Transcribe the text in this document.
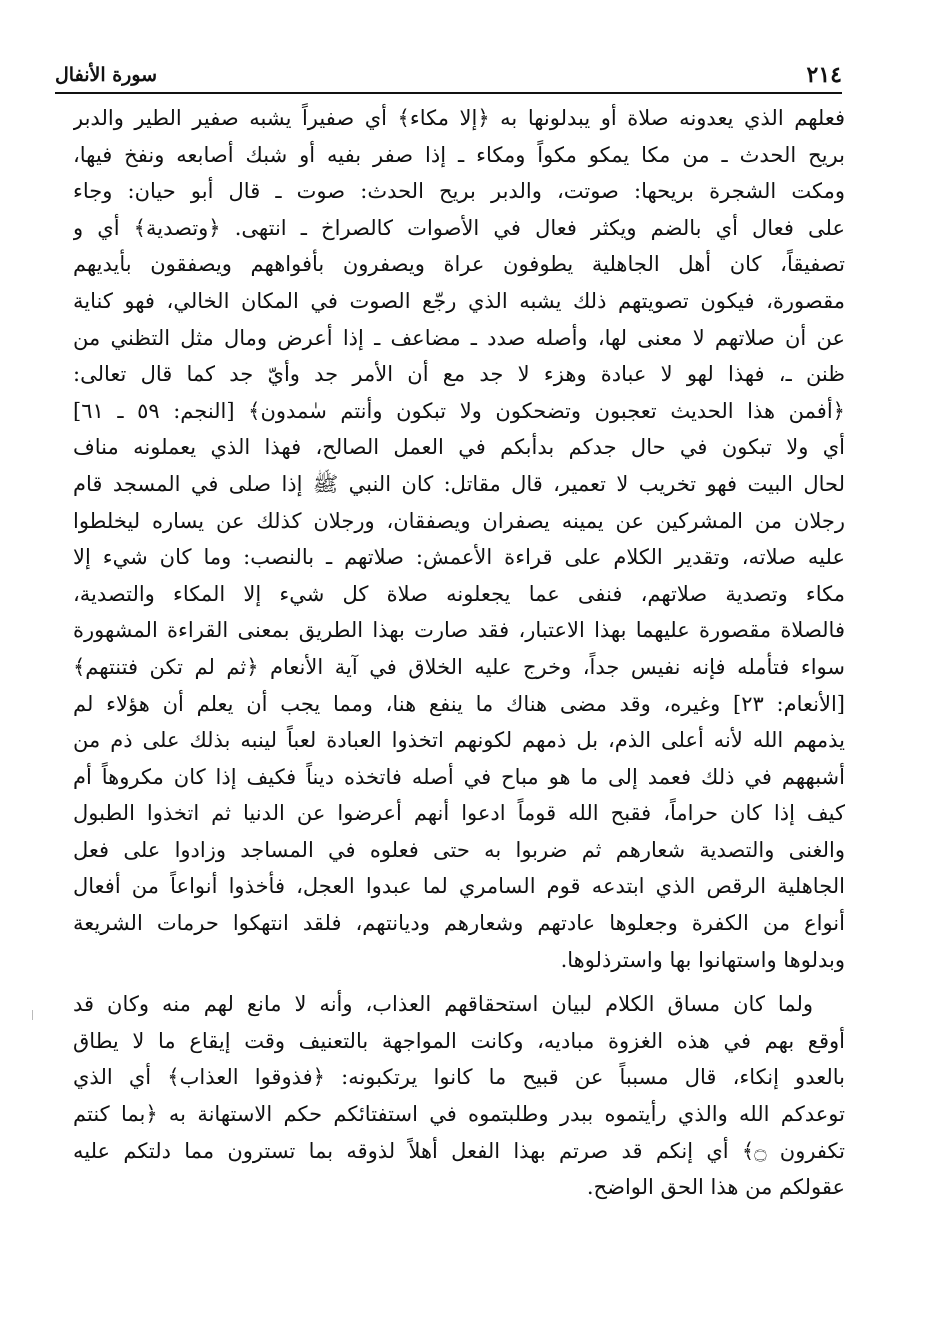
٢١٤
سورة الأنفال
فعلهم الذي يعدونه صلاة أو يبدلونها به ﴿إلا مكاء﴾ أي صفيراً يشبه صفير الطير والدبر
بريح الحدث ـ من مكا يمكو مكواً ومكاء ـ إذا صفر بفيه أو شبك أصابعه ونفخ فيها،
ومكت الشجرة بريحها: صوتت، والدبر بريح الحدث: صوت ـ قال أبو حيان: وجاء
على فعال أي بالضم ويكثر فعال في الأصوات كالصراخ ـ انتهى. ﴿وتصدية﴾ أي و
تصفيقاً، كان أهل الجاهلية يطوفون عراة ويصفرون بأفواههم ويصفقون بأيديهم
مقصورة، فيكون تصويتهم ذلك يشبه الذي رجّع الصوت في المكان الخالي، فهو كناية
عن أن صلاتهم لا معنى لها، وأصله صدد ـ مضاعف ـ إذا أعرض ومال مثل التظني من
ظنن ـ، فهذا لهو لا عبادة وهزء لا جد مع أن الأمر جد وأيّ جد كما قال تعالى:
﴿أفمن هذا الحديث تعجبون وتضحكون ولا تبكون وأنتم سٰمدون﴾ [النجم: ٥٩ ـ ٦١]
أي ولا تبكون في حال جدكم بدأبكم في العمل الصالح، فهذا الذي يعملونه مناف
لحال البيت فهو تخريب لا تعمير، قال مقاتل: كان النبي ﷺ إذا صلى في المسجد قام
رجلان من المشركين عن يمينه يصفران ويصفقان، ورجلان كذلك عن يساره ليخلطوا
عليه صلاته، وتقدير الكلام على قراءة الأعمش: صلاتهم ـ بالنصب: وما كان شيء إلا
مكاء وتصدية صلاتهم، فنفى عما يجعلونه صلاة كل شيء إلا المكاء والتصدية،
فالصلاة مقصورة عليهما بهذا الاعتبار، فقد صارت بهذا الطريق بمعنى القراءة المشهورة
سواء فتأمله فإنه نفيس جداً، وخرج عليه الخلاق في آية الأنعام ﴿ثم لم تكن فتنتهم﴾
[الأنعام: ٢٣] وغيره، وقد مضى هناك ما ينفع هنا، ومما يجب أن يعلم أن هؤلاء لم
يذمهم الله لأنه أعلى الذم، بل ذمهم لكونهم اتخذوا العبادة لعباً لينبه بذلك على ذم من
أشبههم في ذلك فعمد إلى ما هو مباح في أصله فاتخذه ديناً فكيف إذا كان مكروهاً أم
كيف إذا كان حراماً، فقبح الله قوماً ادعوا أنهم أعرضوا عن الدنيا ثم اتخذوا الطبول
والغنى والتصدية شعارهم ثم ضربوا به حتى فعلوه في المساجد وزادوا على فعل
الجاهلية الرقص الذي ابتدعه قوم السامري لما عبدوا العجل، فأخذوا أنواعاً من أفعال
أنواع من الكفرة وجعلوها عادتهم وشعارهم وديانتهم، فلقد انتهكوا حرمات الشريعة
وبدلوها واستهانوا بها واسترذلوها.
ولما كان مساق الكلام لبيان استحقاقهم العذاب، وأنه لا مانع لهم منه وكان قد
أوقع بهم في هذه الغزوة مباديه، وكانت المواجهة بالتعنيف وقت إيقاع ما لا يطاق
بالعدو إنكاء، قال مسبباً عن قبيح ما كانوا يرتكبونه: ﴿فذوقوا العذاب﴾ أي الذي
توعدكم الله والذي رأيتموه ببدر وطلبتموه في استفتائكم حكم الاستهانة به ﴿بما كنتم
تكفرون ۝﴾ أي إنكم قد صرتم بهذا الفعل أهلاً لذوقه بما تسترون مما دلتكم عليه
عقولكم من هذا الحق الواضح.
